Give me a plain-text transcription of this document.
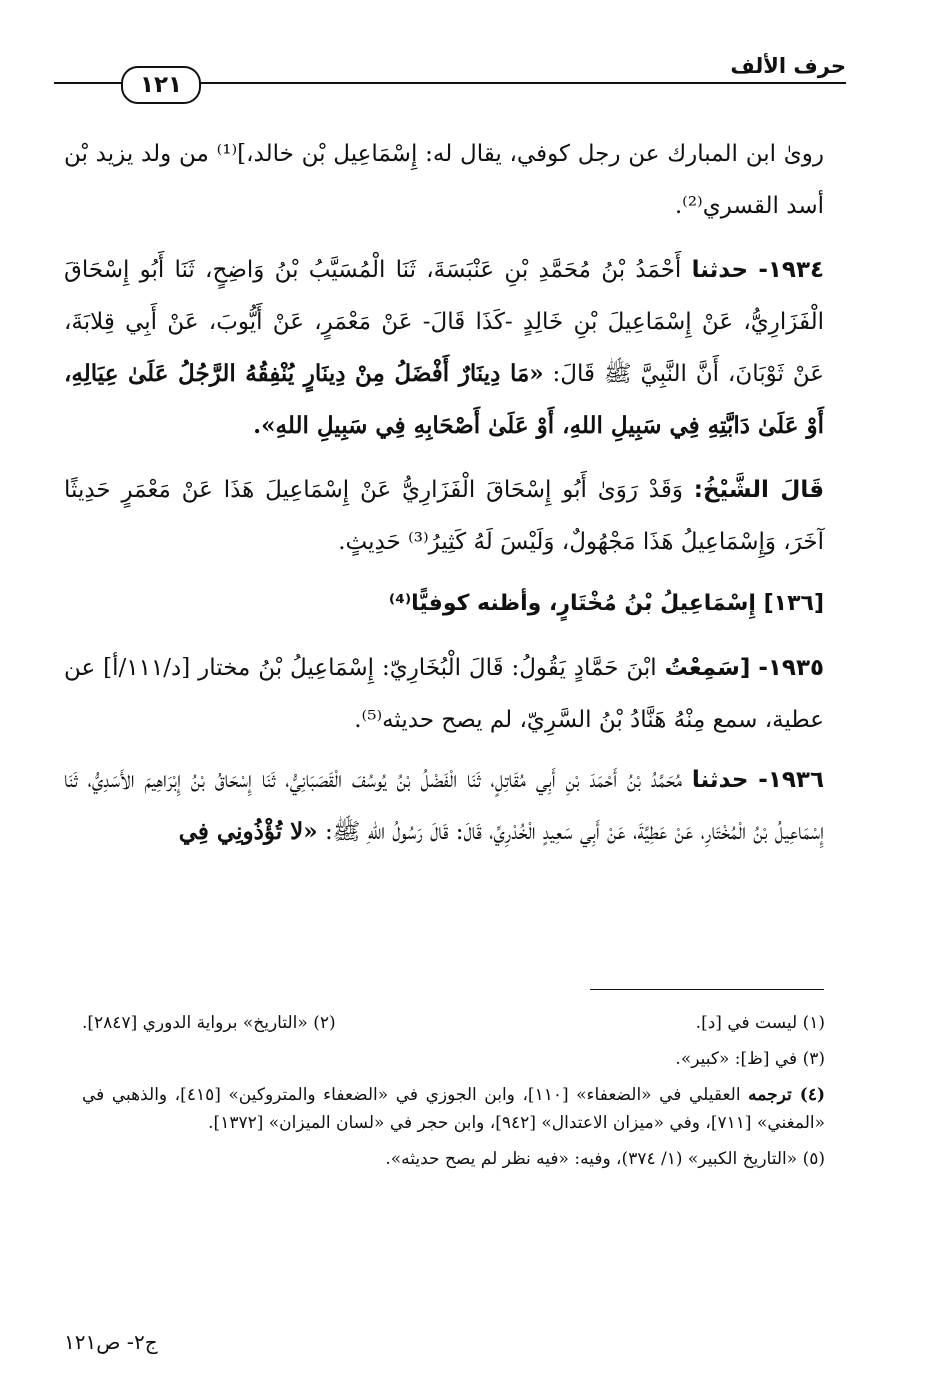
حرف الألف
١٢١

روىٰ ابن المبارك عن رجل كوفي، يقال له: إِسْمَاعِيل بْن خالد،]⁽¹⁾ من ولد يزيد بْن أسد القسري⁽²⁾.

١٩٣٤- حدثنا أَحْمَدُ بْنُ مُحَمَّدِ بْنِ عَنْبَسَةَ، ثَنَا الْمُسَيَّبُ بْنُ وَاضِحٍ، ثَنَا أَبُو إِسْحَاقَ الْفَزَارِيُّ، عَنْ إِسْمَاعِيلَ بْنِ خَالِدٍ -كَذَا قَالَ- عَنْ مَعْمَرٍ، عَنْ أَيُّوبَ، عَنْ أَبِي قِلابَةَ، عَنْ ثَوْبَانَ، أَنَّ النَّبِيَّ ﷺ قَالَ: «مَا دِينَارٌ أَفْضَلُ مِنْ دِينَارٍ يُنْفِقُهُ الرَّجُلُ عَلَىٰ عِيَالِهِ، أَوْ عَلَىٰ دَابَّتِهِ فِي سَبِيلِ اللهِ، أَوْ عَلَىٰ أَصْحَابِهِ فِي سَبِيلِ اللهِ».

قَالَ الشَّيْخُ: وَقَدْ رَوَىٰ أَبُو إِسْحَاقَ الْفَزَارِيُّ عَنْ إِسْمَاعِيلَ هَذَا عَنْ مَعْمَرٍ حَدِيثًا آخَرَ، وَإِسْمَاعِيلُ هَذَا مَجْهُولٌ، وَلَيْسَ لَهُ كَثِيرُ⁽³⁾ حَدِيثٍ.

[١٣٦] إِسْمَاعِيلُ بْنُ مُخْتَارٍ، وأظنه كوفيًّا⁽⁴⁾

١٩٣٥- [سَمِعْتُ ابْنَ حَمَّادٍ يَقُولُ: قَالَ الْبُخَارِيّ: إِسْمَاعِيلُ بْنُ مختار [د/١١١/أ] عن عطية، سمع مِنْهُ هَنَّادُ بْنُ السَّرِيّ، لم يصح حديثه⁽⁵⁾.

١٩٣٦- حدثنا مُحَمَّدُ بْنُ أَحْمَدَ بْنِ أَبِي مُقَاتِلٍ، ثَنَا الْفَضْلُ بْنُ يُوسُفَ الْقَصَبَانِيُّ، ثَنَا إِسْحَاقُ بْنُ إِبْرَاهِيمَ الأَسَدِيُّ، ثَنَا إِسْمَاعِيلُ بْنُ الْمُخْتَارِ، عَنْ عَطِيَّةَ، عَنْ أَبِي سَعِيدٍ الْخُدْرِيِّ، قَالَ: قَالَ رَسُولُ اللهِ ﷺ: «لا تُؤْذُونِي فِي

(١) ليست في [د].
(٢) «التاريخ» برواية الدوري [٢٨٤٧].

(٣) في [ظ]: «كبير».

(٤) ترجمه العقيلي في «الضعفاء» [١١٠]، وابن الجوزي في «الضعفاء والمتروكين» [٤١٥]، والذهبي في «المغني» [٧١١]، وفي «ميزان الاعتدال» [٩٤٢]، وابن حجر في «لسان الميزان» [١٣٧٢].

(٥) «التاريخ الكبير» (١/ ٣٧٤)، وفيه: «فيه نظر لم يصح حديثه».

ج٢- ص١٢١
